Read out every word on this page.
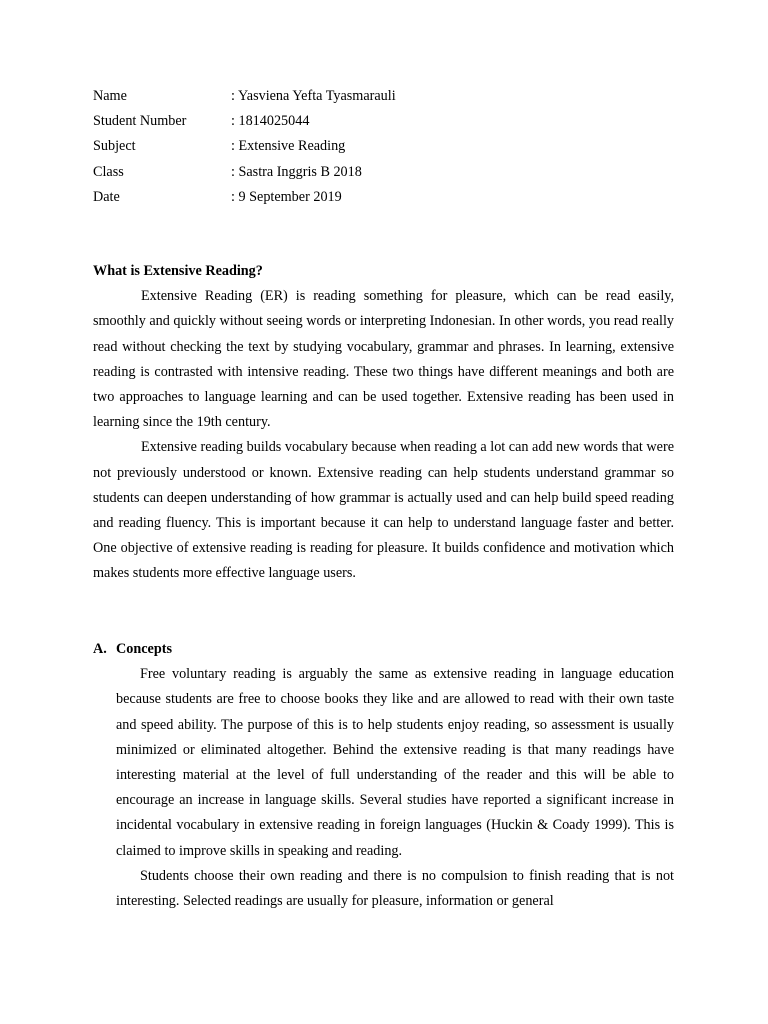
Name	: Yasviena Yefta Tyasmarauli
Student Number	: 1814025044
Subject	: Extensive Reading
Class	: Sastra Inggris B 2018
Date	: 9 September 2019
What is Extensive Reading?

Extensive Reading (ER) is reading something for pleasure, which can be read easily, smoothly and quickly without seeing words or interpreting Indonesian. In other words, you read really read without checking the text by studying vocabulary, grammar and phrases. In learning, extensive reading is contrasted with intensive reading. These two things have different meanings and both are two approaches to language learning and can be used together. Extensive reading has been used in learning since the 19th century.

Extensive reading builds vocabulary because when reading a lot can add new words that were not previously understood or known. Extensive reading can help students understand grammar so students can deepen understanding of how grammar is actually used and can help build speed reading and reading fluency. This is important because it can help to understand language faster and better. One objective of extensive reading is reading for pleasure. It builds confidence and motivation which makes students more effective language users.

A. Concepts

Free voluntary reading is arguably the same as extensive reading in language education because students are free to choose books they like and are allowed to read with their own taste and speed ability. The purpose of this is to help students enjoy reading, so assessment is usually minimized or eliminated altogether. Behind the extensive reading is that many readings have interesting material at the level of full understanding of the reader and this will be able to encourage an increase in language skills. Several studies have reported a significant increase in incidental vocabulary in extensive reading in foreign languages (Huckin & Coady 1999). This is claimed to improve skills in speaking and reading.

Students choose their own reading and there is no compulsion to finish reading that is not interesting. Selected readings are usually for pleasure, information or general
